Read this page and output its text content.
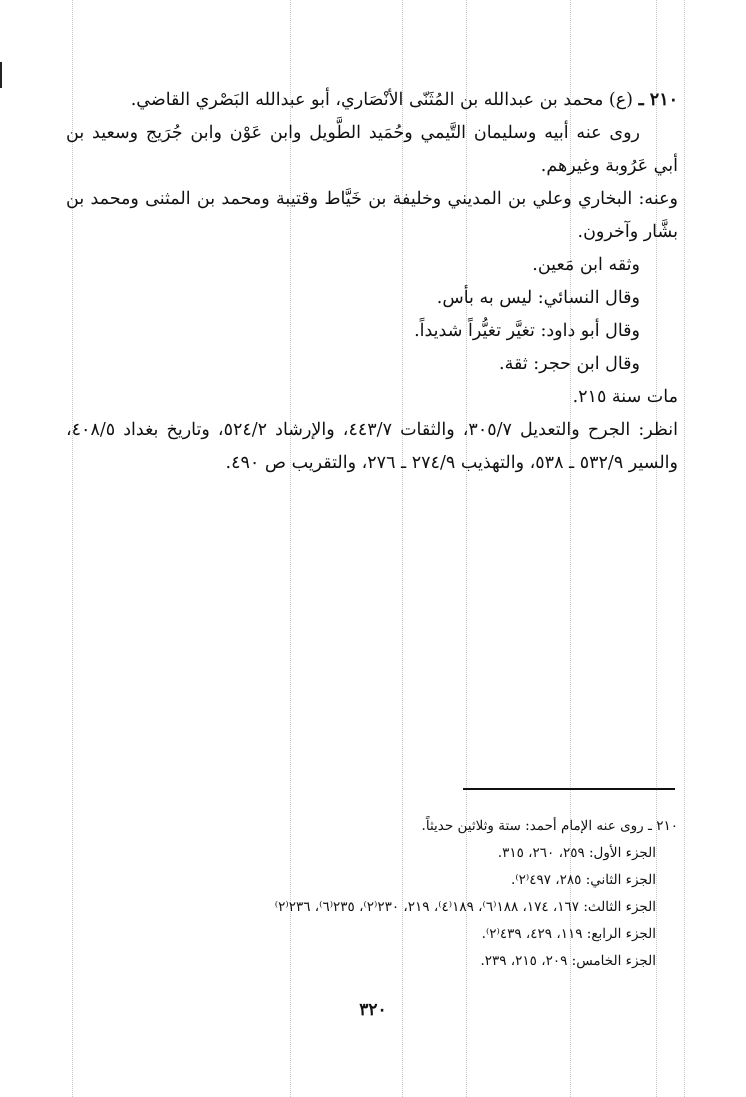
٢١٠ ـ (ع) محمد بن عبدالله بن المُثَنّى الأنْصَاري، أبو عبدالله البَصْري القاضي.

روى عنه أبيه وسليمان التَّيمي وحُمَيد الطَّويل وابن عَوْن وابن جُرَيج وسعيد بن أبي عَرُوبة وغيرهم.

وعنه: البخاري وعلي بن المديني وخليفة بن خَيَّاط وقتيبة ومحمد بن المثنى ومحمد بن بشَّار وآخرون.

وثقه ابن مَعين.

وقال النسائي: ليس به بأس.

وقال أبو داود: تغيَّر تغيُّراً شديداً.

وقال ابن حجر: ثقة.

مات سنة ٢١٥.

انظر: الجرح والتعديل ٣٠٥/٧، والثقات ٤٤٣/٧، والإرشاد ٥٢٤/٢، وتاريخ بغداد ٤٠٨/٥، والسير ٥٣٢/٩ ـ ٥٣٨، والتهذيب ٢٧٤/٩ ـ ٢٧٦، والتقريب ص ٤٩٠.

٢١٠ ـ روى عنه الإمام أحمد: ستة وثلاثين حديثاً.

الجزء الأول: ٢٥٩، ٢٦٠، ٣١٥.

الجزء الثاني: ٢٨٥، ٤٩٧⁽٢⁾.

الجزء الثالث: ١٦٧، ١٧٤، ١٨٨⁽٦⁾، ١٨٩⁽٤⁾، ٢١٩، ٢٣٠⁽٢⁾، ٢٣٥⁽٦⁾، ٢٣٦⁽٢⁾

الجزء الرابع: ١١٩، ٤٢٩، ٤٣٩⁽٢⁾.

الجزء الخامس: ٢٠٩، ٢١٥، ٢٣٩.

٣٢٠
